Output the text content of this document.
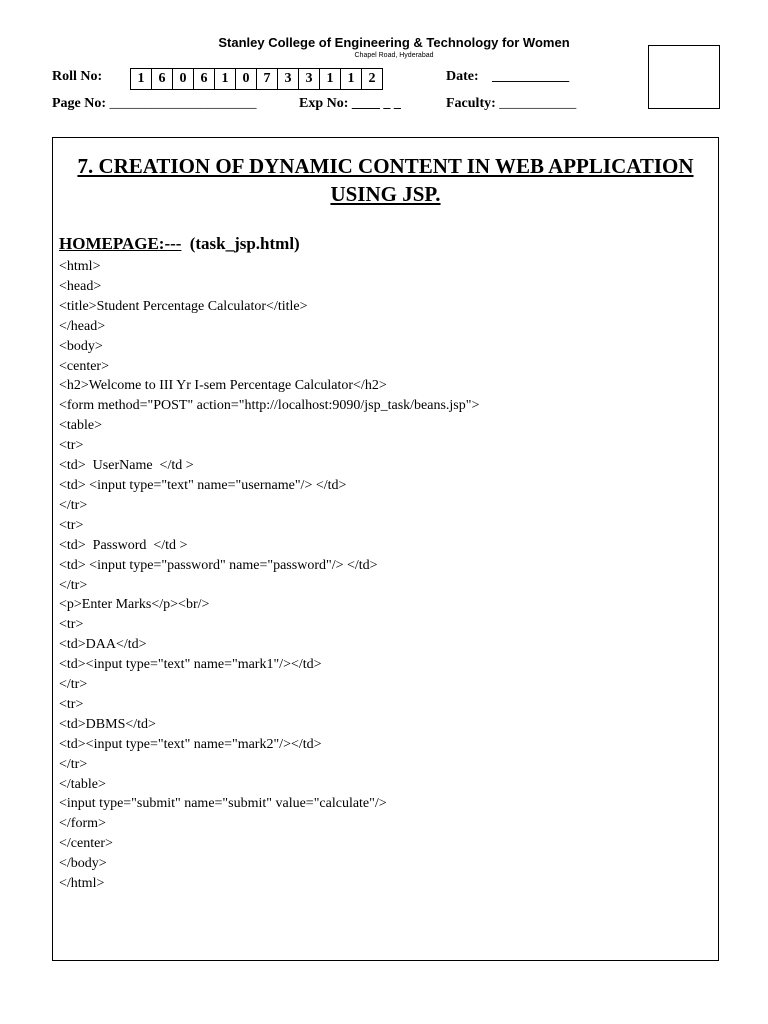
Stanley College of Engineering & Technology for Women
Chapel Road, Hyderabad
Roll No:	1	6	0	6	1	0	7	3	3	1	1	2	Date: ___________
Page No: _____________________	Exp No: ____ _ _	Faculty: ___________
7. CREATION OF DYNAMIC CONTENT IN WEB APPLICATION
USING JSP.
HOMEPAGE:--- (task_jsp.html)
<html>
<head>
<title>Student Percentage Calculator</title>
</head>
<body>
<center>
<h2>Welcome to III Yr I-sem Percentage Calculator</h2>
<form method="POST" action="http://localhost:9090/jsp_task/beans.jsp">
<table>
<tr>
<td>  UserName  </td >
<td> <input type="text" name="username"/> </td>
</tr>
<tr>
<td>  Password  </td >
<td> <input type="password" name="password"/> </td>
</tr>
<p>Enter Marks</p><br/>
<tr>
<td>DAA</td>
<td><input type="text" name="mark1"/></td>
</tr>
<tr>
<td>DBMS</td>
<td><input type="text" name="mark2"/></td>
</tr>
</table>
<input type="submit" name="submit" value="calculate"/>
</form>
</center>
</body>
</html>
